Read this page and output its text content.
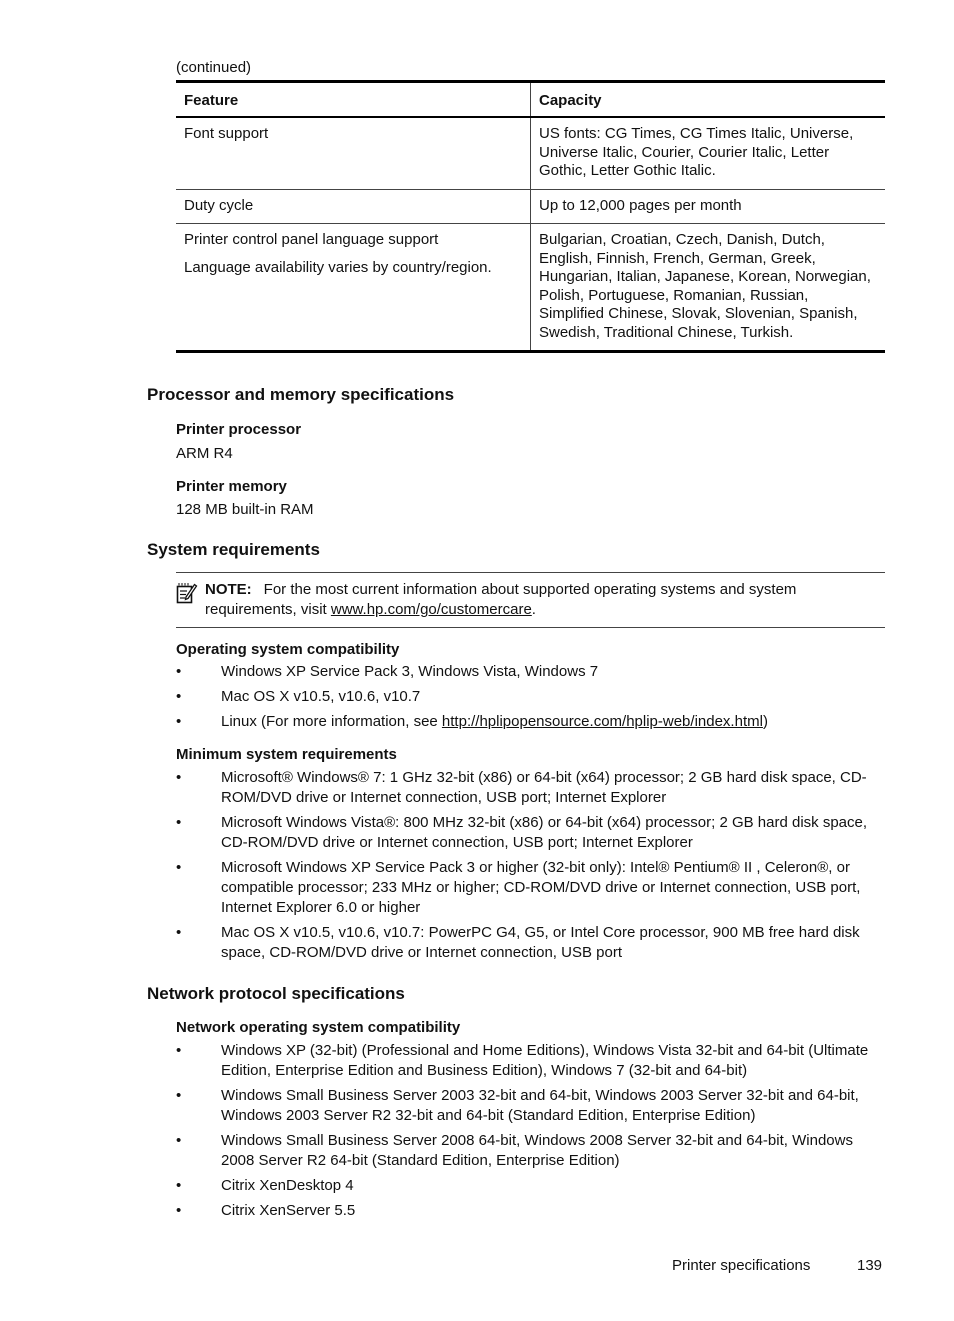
(continued)
Feature	Capacity

Font support	US fonts: CG Times, CG Times Italic, Universe, Universe Italic, Courier, Courier Italic, Letter Gothic, Letter Gothic Italic.

Duty cycle	Up to 12,000 pages per month

Printer control panel language support
Language availability varies by country/region.	Bulgarian, Croatian, Czech, Danish, Dutch, English, Finnish, French, German, Greek, Hungarian, Italian, Japanese, Korean, Norwegian, Polish, Portuguese, Romanian, Russian, Simplified Chinese, Slovak, Slovenian, Spanish, Swedish, Traditional Chinese, Turkish.
Processor and memory specifications
Printer processor
ARM R4
Printer memory
128 MB built-in RAM
System requirements
NOTE: For the most current information about supported operating systems and system requirements, visit www.hp.com/go/customercare.
Operating system compatibility
•	Windows XP Service Pack 3, Windows Vista, Windows 7
•	Mac OS X v10.5, v10.6, v10.7
•	Linux (For more information, see http://hplipopensource.com/hplip-web/index.html)
Minimum system requirements
•	Microsoft® Windows® 7: 1 GHz 32-bit (x86) or 64-bit (x64) processor; 2 GB hard disk space, CD-ROM/DVD drive or Internet connection, USB port; Internet Explorer
•	Microsoft Windows Vista®: 800 MHz 32-bit (x86) or 64-bit (x64) processor; 2 GB hard disk space, CD-ROM/DVD drive or Internet connection, USB port; Internet Explorer
•	Microsoft Windows XP Service Pack 3 or higher (32-bit only): Intel® Pentium® II , Celeron®, or compatible processor; 233 MHz or higher; CD-ROM/DVD drive or Internet connection, USB port, Internet Explorer 6.0 or higher
•	Mac OS X v10.5, v10.6, v10.7: PowerPC G4, G5, or Intel Core processor, 900 MB free hard disk space, CD-ROM/DVD drive or Internet connection, USB port
Network protocol specifications
Network operating system compatibility
•	Windows XP (32-bit) (Professional and Home Editions), Windows Vista 32-bit and 64-bit (Ultimate Edition, Enterprise Edition and Business Edition), Windows 7 (32-bit and 64-bit)
•	Windows Small Business Server 2003 32-bit and 64-bit, Windows 2003 Server 32-bit and 64-bit, Windows 2003 Server R2 32-bit and 64-bit (Standard Edition, Enterprise Edition)
•	Windows Small Business Server 2008 64-bit, Windows 2008 Server 32-bit and 64-bit, Windows 2008 Server R2 64-bit (Standard Edition, Enterprise Edition)
•	Citrix XenDesktop 4
•	Citrix XenServer 5.5
Printer specifications	139
